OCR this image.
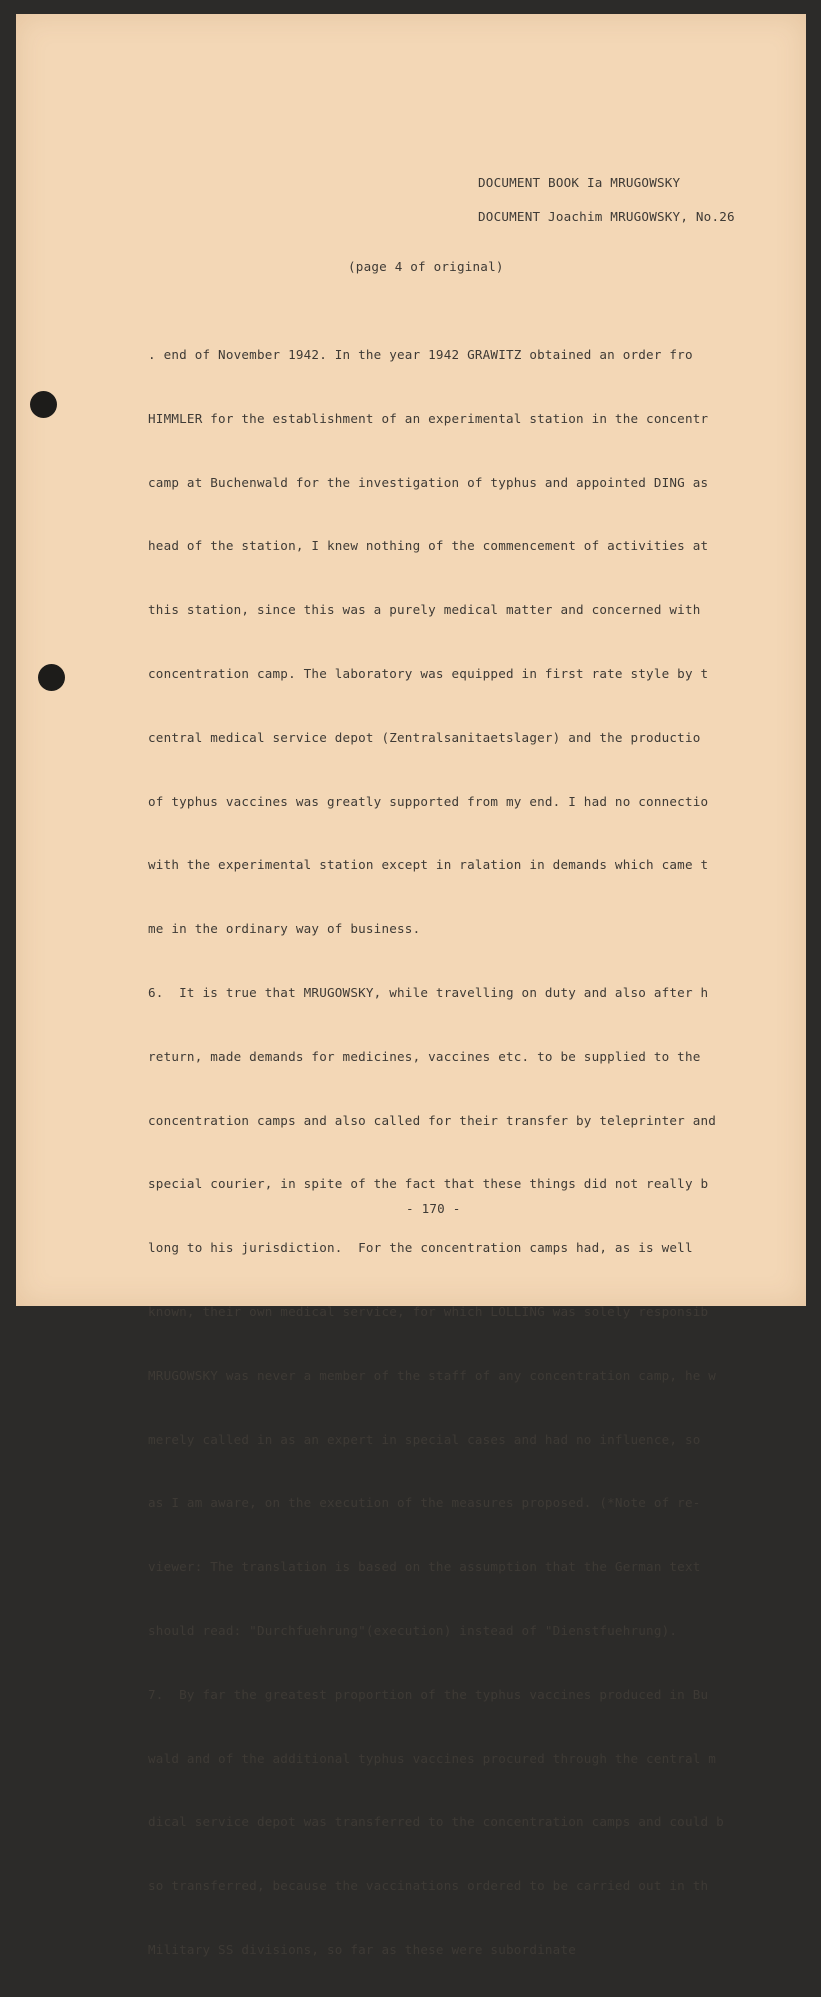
DOCUMENT BOOK Ia MRUGOWSKY
DOCUMENT Joachim MRUGOWSKY, No.26
(page 4 of original)

. end of November 1942. In the year 1942 GRAWITZ obtained an order fro

HIMMLER for the establishment of an experimental station in the concentr

camp at Buchenwald for the investigation of typhus and appointed DING as

head of the station, I knew nothing of the commencement of activities at

this station, since this was a purely medical matter and concerned with

concentration camp. The laboratory was equipped in first rate style by t

central medical service depot (Zentralsanitaetslager) and the productio

of typhus vaccines was greatly supported from my end. I had no connectio

with the experimental station except in ralation in demands which came t

me in the ordinary way of business.

6.  It is true that MRUGOWSKY, while travelling on duty and also after h

return, made demands for medicines, vaccines etc. to be supplied to the

concentration camps and also called for their transfer by teleprinter and

special courier, in spite of the fact that these things did not really b

long to his jurisdiction.  For the concentration camps had, as is well

known, their own medical service, for which LOLLING was solely responsib

MRUGOWSKY was never a member of the staff of any concentration camp, he w

merely called in as an expert in special cases and had no influence, so

as I am aware, on the execution of the measures proposed. (*Note of re-

viewer: The translation is based on the assumption that the German text

should read: "Durchfuehrung"(execution) instead of "Dienstfuehrung).

7.  By far the greatest proportion of the typhus vaccines produced in Bu

wald and of the additional typhus vaccines procured through the central m

dical service depot was transferred to the concentration camps and could b

so transferred, because the vaccinations ordered to be carried out in th

Military SS divisions, so far as these were subordinate

- 170 -
